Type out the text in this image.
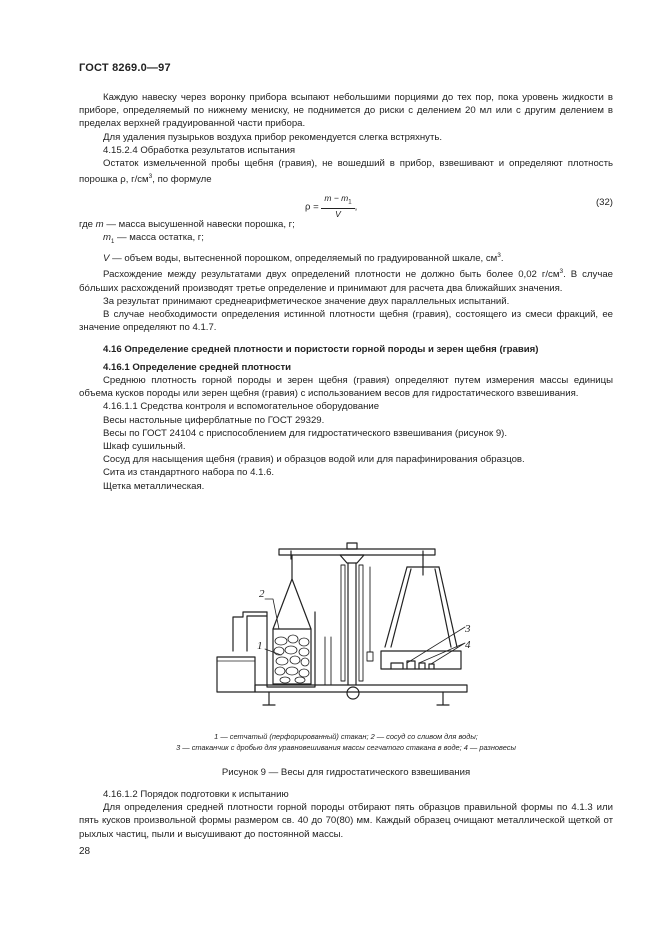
ГОСТ 8269.0—97

Каждую навеску через воронку прибора всыпают небольшими порциями до тех пор, пока уровень жидкости в приборе, определяемый по нижнему мениску, не поднимется до риски с делением 20 мл или с другим делением в пределах верхней градуированной части прибора.

Для удаления пузырьков воздуха прибор рекомендуется слегка встряхнуть.

4.15.2.4 Обработка результатов испытания

Остаток измельченной пробы щебня (гравия), не вошедший в прибор, взвешивают и определяют плотность порошка ρ, $г/см^3$, по формуле

$\rho = \frac{m - m_1}{V}$ ,	(32)

где m — масса высушенной навески порошка, г;

$m_1$ — масса остатка, г;

V — объем воды, вытесненной порошком, определяемый по градуированной шкале, $см^3$.

Расхождение между результатами двух определений плотности не должно быть более 0,02 $г/см^3$. В случае бóльших расхождений производят третье определение и принимают для расчета два ближайших значения.

За результат принимают среднеарифметическое значение двух параллельных испытаний.

В случае необходимости определения истинной плотности щебня (гравия), состоящего из смеси фракций, ее значение определяют по 4.1.7.

4.16 Определение средней плотности и пористости горной породы и зерен щебня (гравия)

4.16.1 Определение средней плотности

Среднюю плотность горной породы и зерен щебня (гравия) определяют путем измерения массы единицы объема кусков породы или зерен щебня (гравия) с использованием весов для гидростатического взвешивания.

4.16.1.1 Средства контроля и вспомогательное оборудование

Весы настольные циферблатные по ГОСТ 29329.

Весы по ГОСТ 24104 с приспособлением для гидростатического взвешивания (рисунок 9).

Шкаф сушильный.

Сосуд для насыщения щебня (гравия) и образцов водой или для парафинирования образцов.

Сита из стандартного набора по 4.1.6.

Щетка металлическая.

2
1
3
4
1 — сетчатый (перфорированный) стакан; 2 — сосуд со сливом для воды;
3 — стаканчик с дробью для уравновешивания массы сегчатого стакана в воде; 4 — разновесы
Рисунок 9 — Весы для гидростатического взвешивания

4.16.1.2 Порядок подготовки к испытанию

Для определения средней плотности горной породы отбирают пять образцов правильной формы по 4.1.3 или пять кусков произвольной формы размером св. 40 до 70(80) мм. Каждый образец очищают металлической щеткой от рыхлых частиц, пыли и высушивают до постоянной массы.

28
